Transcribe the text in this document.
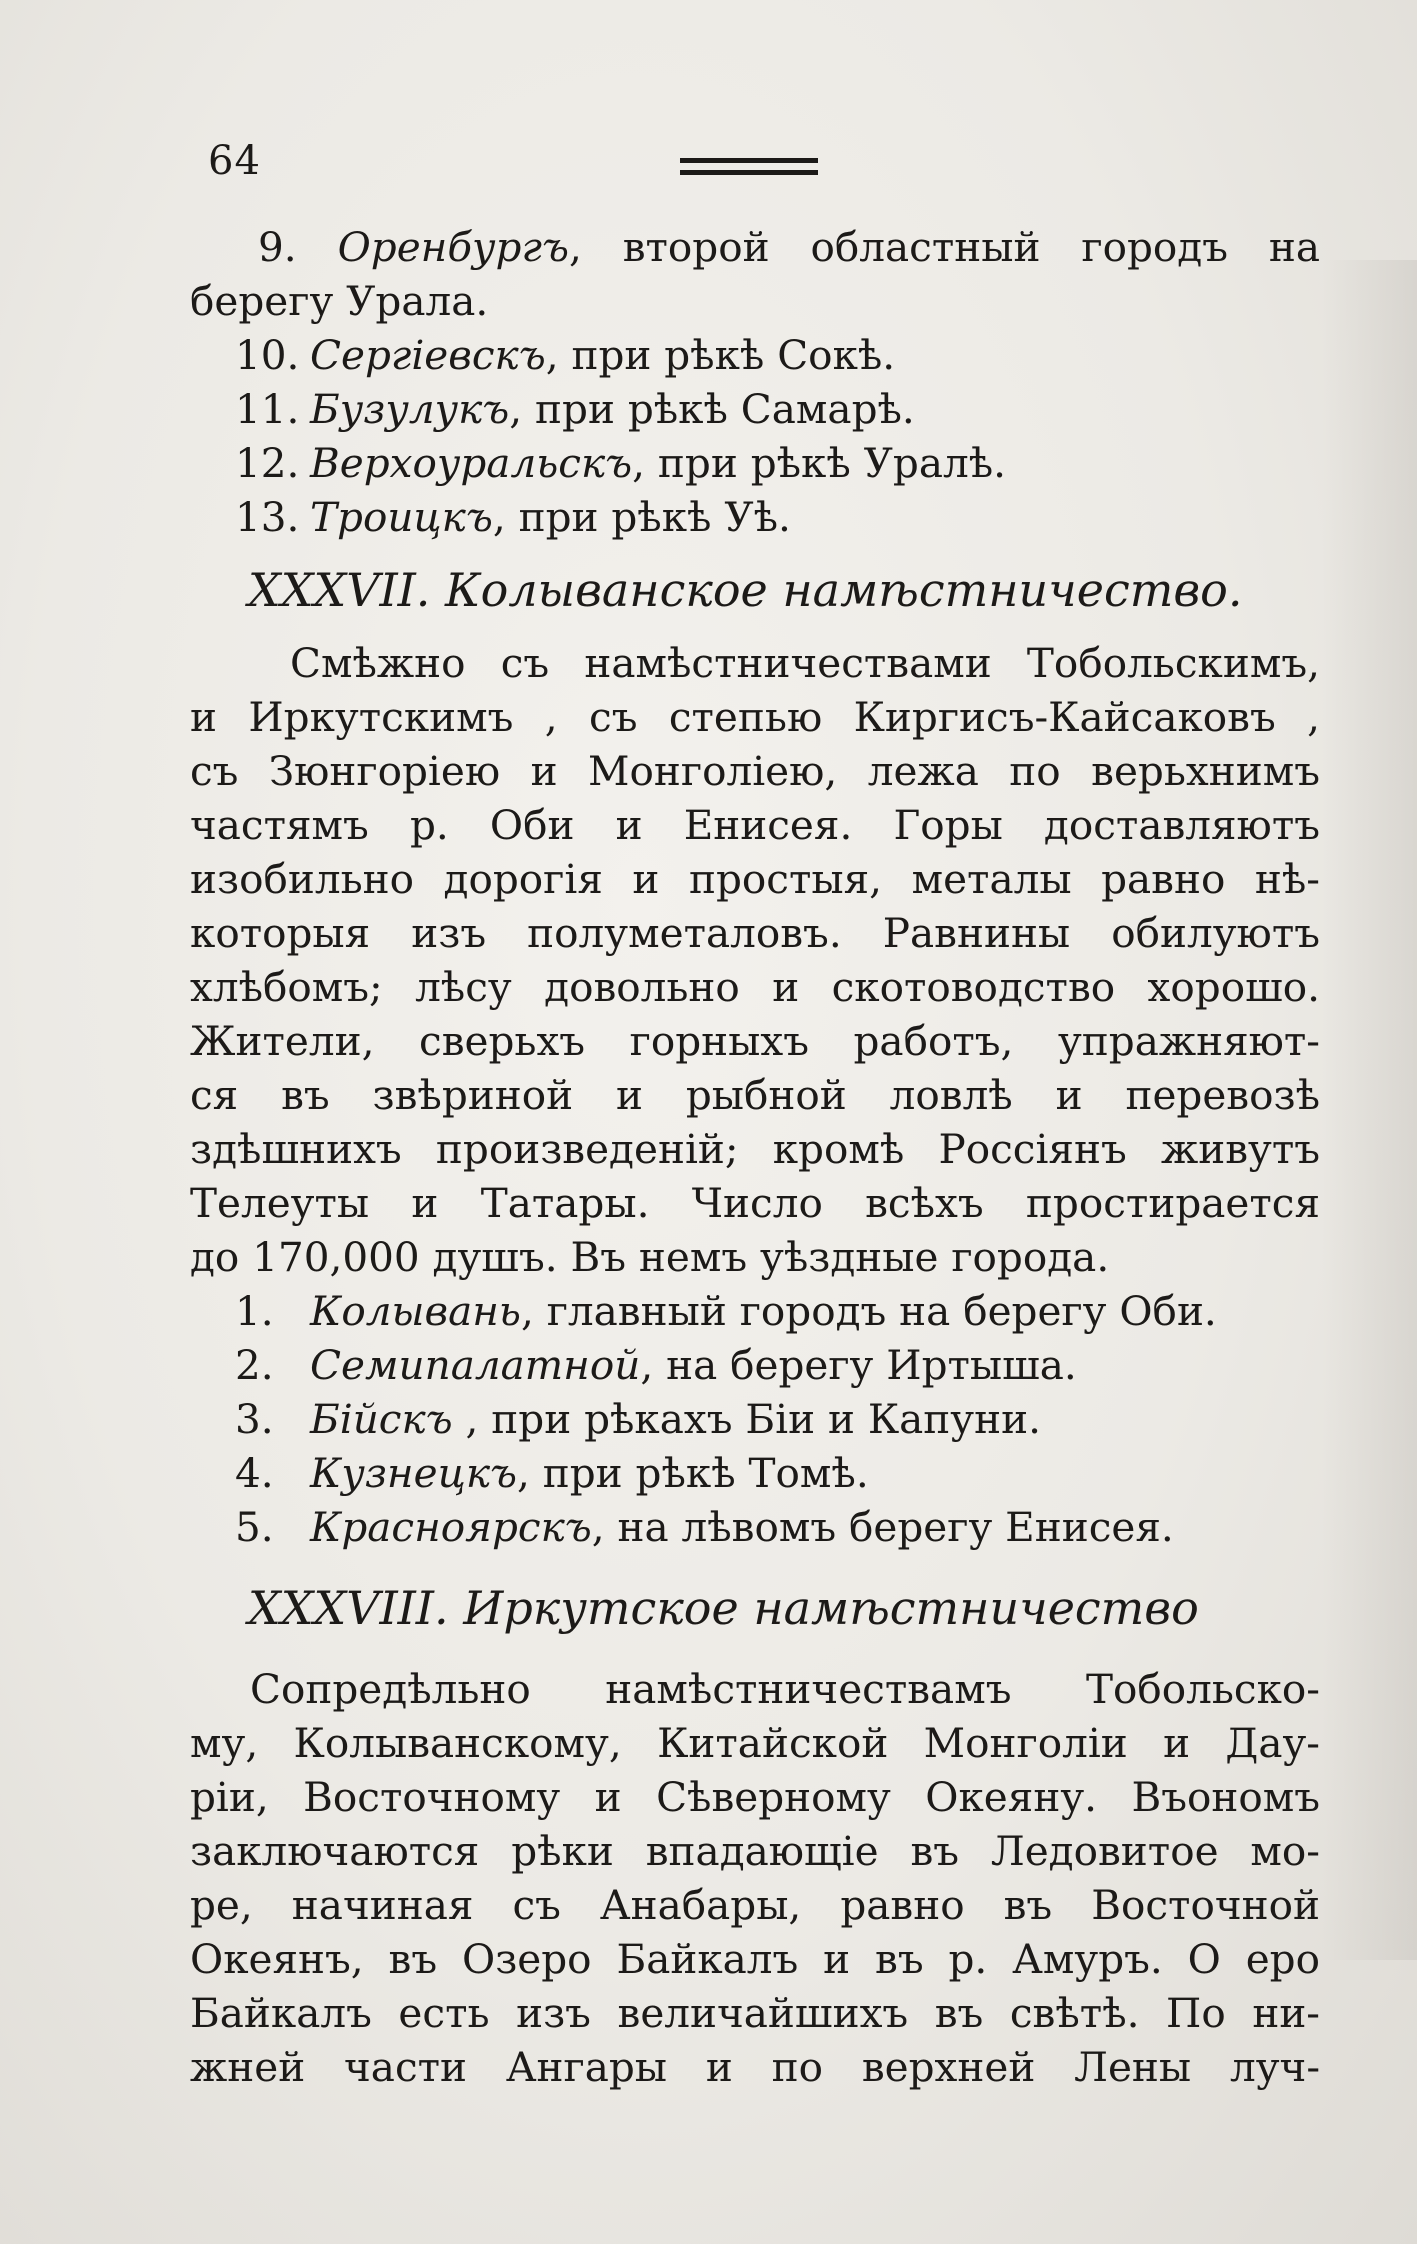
64
9. Оренбургъ, второй областный городъ на
берегу Урала.
10. Сергіевскъ, при рѣкѣ Сокѣ.
11. Бузулукъ, при рѣкѣ Самарѣ.
12. Верхоуральскъ, при рѣкѣ Уралѣ.
13. Троицкъ, при рѣкѣ Уѣ.
XXXVII. Колыванское намѣстничество.
Смѣжно съ намѣстничествами Тобольскимъ,
и Иркутскимъ , съ степью Киргисъ-Кайсаковъ ,
съ Зюнгоріею и Монголіею, лежа по верьхнимъ
частямъ р. Оби и Енисея. Горы доставляютъ
изобильно дорогія и простыя, металы равно нѣ-
которыя изъ полуметаловъ. Равнины обилуютъ
хлѣбомъ; лѣсу довольно и скотоводство хорошо.
Жители, сверьхъ горныхъ работъ, упражняют-
ся въ звѣриной и рыбной ловлѣ и перевозѣ
здѣшнихъ произведеній; кромѣ Россіянъ живутъ
Телеуты и Татары. Число всѣхъ простирается
до 170,000 душъ. Въ немъ уѣздные города.
1. Колывань, главный городъ на берегу Оби.
2. Семипалатной, на берегу Иртыша.
3. Бійскъ , при рѣкахъ Біи и Капуни.
4. Кузнецкъ, при рѣкѣ Томѣ.
5. Красноярскъ, на лѣвомъ берегу Енисея.
XXXVIII. Иркутское намѣстничество
Сопредѣльно намѣстничествамъ Тобольско-
му, Колыванскому, Китайской Монголіи и Дау-
ріи, Восточному и Сѣверному Океяну. Въономъ
заключаются рѣки впадающіе въ Ледовитое мо-
ре, начиная съ Анабары, равно въ Восточной
Океянъ, въ Озеро Байкалъ и въ р. Амуръ. О еро
Байкалъ есть изъ величайшихъ въ свѣтѣ. По ни-
жней части Ангары и по верхней Лены луч-
